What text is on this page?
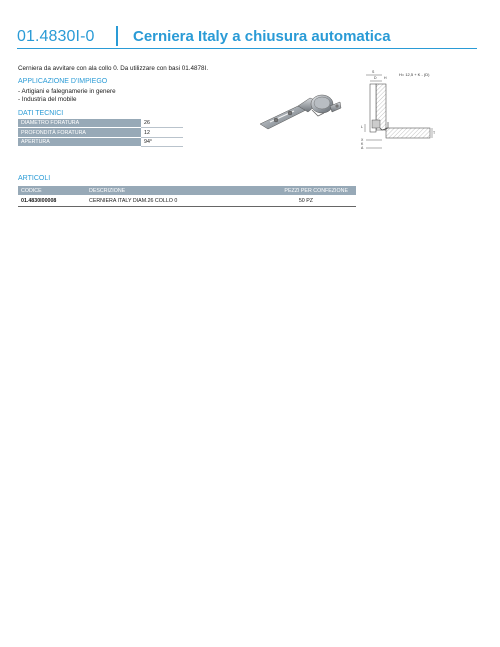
01.4830I-0	Cerniera Italy a chiusura automatica
Cerniera da avvitare con ala collo 0. Da utilizzare con basi 01.4878I.
APPLICAZIONE D'IMPIEGO
- Artigiani e falegnamerie in genere
- Industria del mobile
DATI TECNICI
DIAMETRO FORATURA	26
PROFONDITÀ FORATURA	12
APERTURA	94°
ARTICOLI
CODICE	DESCRIZIONE	PEZZI PER CONFEZIONE
01.4830I00008	CERNIERA ITALY DIAM.26 COLLO 0	50 PZ
H= 12,5 + K - (D)
S
D H
L
T
X
K
A
